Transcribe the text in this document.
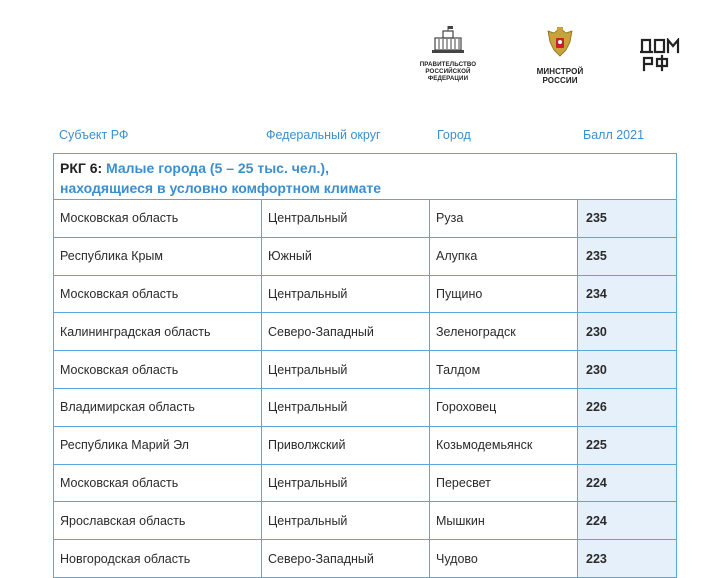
ПРАВИТЕЛЬСТВО
РОССИЙСКОЙ
ФЕДЕРАЦИИ
МИНСТРОЙ
РОССИИ
Субъект РФ	Федеральный округ	Город	Балл 2021
РКГ 6: Малые города (5 – 25 тыс. чел.),
находящиеся в условно комфортном климате
Московская область	Центральный	Руза	235
Республика Крым	Южный	Алупка	235
Московская область	Центральный	Пущино	234
Калининградская область	Северо-Западный	Зеленоградск	230
Московская область	Центральный	Талдом	230
Владимирская область	Центральный	Гороховец	226
Республика Марий Эл	Приволжский	Козьмодемьянск	225
Московская область	Центральный	Пересвет	224
Ярославская область	Центральный	Мышкин	224
Новгородская область	Северо-Западный	Чудово	223
